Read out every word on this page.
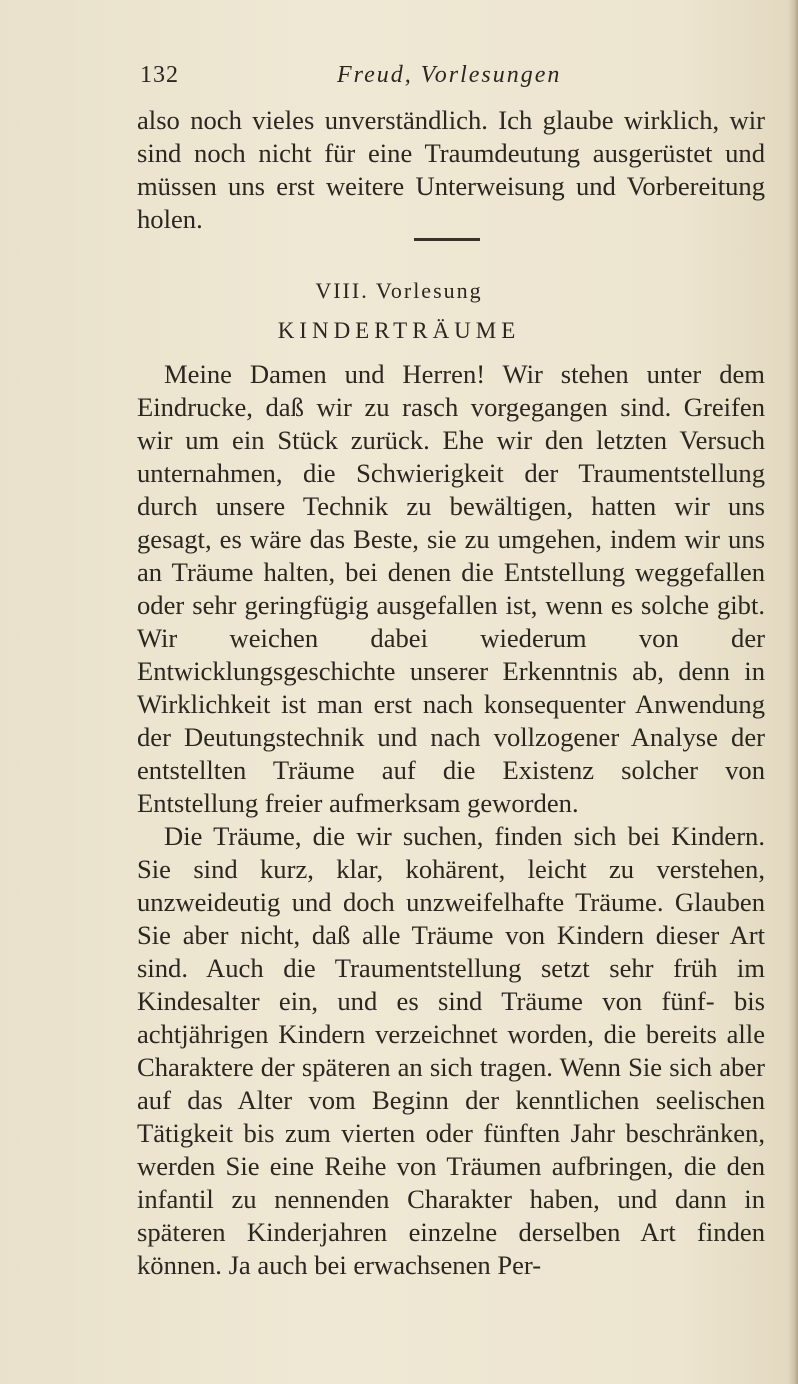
132	Freud, Vorlesungen

also noch vieles unverständlich. Ich glaube wirklich, wir sind noch nicht für eine Traumdeutung ausgerüstet und müssen uns erst weitere Unterweisung und Vorbereitung holen.

VIII. Vorlesung
KINDERTRÄUME

Meine Damen und Herren! Wir stehen unter dem Eindrucke, daß wir zu rasch vorgegangen sind. Greifen wir um ein Stück zurück. Ehe wir den letzten Versuch unternahmen, die Schwierigkeit der Traumentstellung durch unsere Technik zu bewältigen, hatten wir uns gesagt, es wäre das Beste, sie zu umgehen, indem wir uns an Träume halten, bei denen die Entstellung weggefallen oder sehr geringfügig ausgefallen ist, wenn es solche gibt. Wir weichen dabei wiederum von der Entwicklungsgeschichte unserer Erkenntnis ab, denn in Wirklichkeit ist man erst nach konsequenter Anwendung der Deutungstechnik und nach vollzogener Analyse der entstellten Träume auf die Existenz solcher von Entstellung freier aufmerksam geworden.

Die Träume, die wir suchen, finden sich bei Kindern. Sie sind kurz, klar, kohärent, leicht zu verstehen, unzweideutig und doch unzweifelhafte Träume. Glauben Sie aber nicht, daß alle Träume von Kindern dieser Art sind. Auch die Traumentstellung setzt sehr früh im Kindesalter ein, und es sind Träume von fünf- bis achtjährigen Kindern verzeichnet worden, die bereits alle Charaktere der späteren an sich tragen. Wenn Sie sich aber auf das Alter vom Beginn der kenntlichen seelischen Tätigkeit bis zum vierten oder fünften Jahr beschränken, werden Sie eine Reihe von Träumen aufbringen, die den infantil zu nennenden Charakter haben, und dann in späteren Kinderjahren einzelne derselben Art finden können. Ja auch bei erwachsenen Per-
